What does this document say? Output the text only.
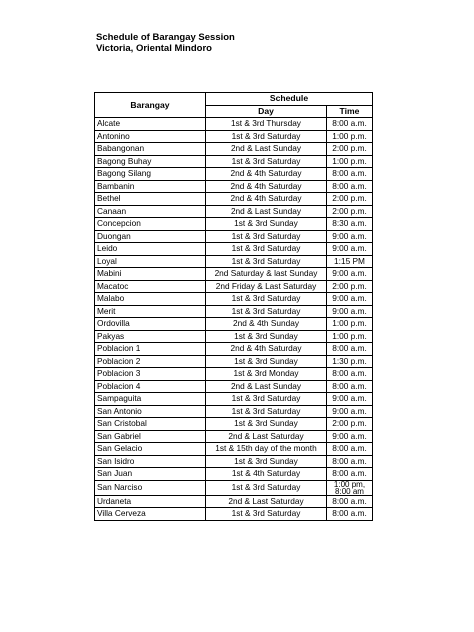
Schedule of Barangay Session
Victoria, Oriental Mindoro
Barangay	Schedule	
	Day	Time
Alcate	1st & 3rd Thursday	8:00 a.m.
Antonino	1st & 3rd Saturday	1:00 p.m.
Babangonan	2nd & Last Sunday	2:00 p.m.
Bagong Buhay	1st & 3rd Saturday	1:00 p.m.
Bagong Silang	2nd & 4th Saturday	8:00 a.m.
Bambanin	2nd & 4th Saturday	8:00 a.m.
Bethel	2nd & 4th Saturday	2:00 p.m.
Canaan	2nd & Last Sunday	2:00 p.m.
Concepcion	1st & 3rd Sunday	8:30 a.m.
Duongan	1st & 3rd Saturday	9:00 a.m.
Leido	1st & 3rd Saturday	9:00 a.m.
Loyal	1st & 3rd Saturday	1:15 PM
Mabini	2nd Saturday & last Sunday	9:00 a.m.
Macatoc	2nd Friday & Last Saturday	2:00 p.m.
Malabo	1st & 3rd Saturday	9:00 a.m.
Merit	1st & 3rd Saturday	9:00 a.m.
Ordovilla	2nd & 4th Sunday	1:00 p.m.
Pakyas	1st & 3rd Sunday	1:00 p.m.
Poblacion 1	2nd & 4th Saturday	8:00 a.m.
Poblacion 2	1st & 3rd Sunday	1:30 p.m.
Poblacion 3	1st & 3rd Monday	8:00 a.m.
Poblacion 4	2nd & Last Sunday	8:00 a.m.
Sampaguita	1st & 3rd Saturday	9:00 a.m.
San Antonio	1st & 3rd Saturday	9:00 a.m.
San Cristobal	1st & 3rd Sunday	2:00 p.m.
San Gabriel	2nd & Last Saturday	9:00 a.m.
San Gelacio	1st & 15th day of the month	8:00 a.m.
San Isidro	1st & 3rd Sunday	8:00 a.m.
San Juan	1st & 4th Saturday	8:00 a.m.
San Narciso	1st & 3rd Saturday	1:00 pm,
8:00 am

Urdaneta	2nd & Last Saturday	8:00 a.m.
Villa Cerveza	1st & 3rd Saturday	8:00 a.m.
